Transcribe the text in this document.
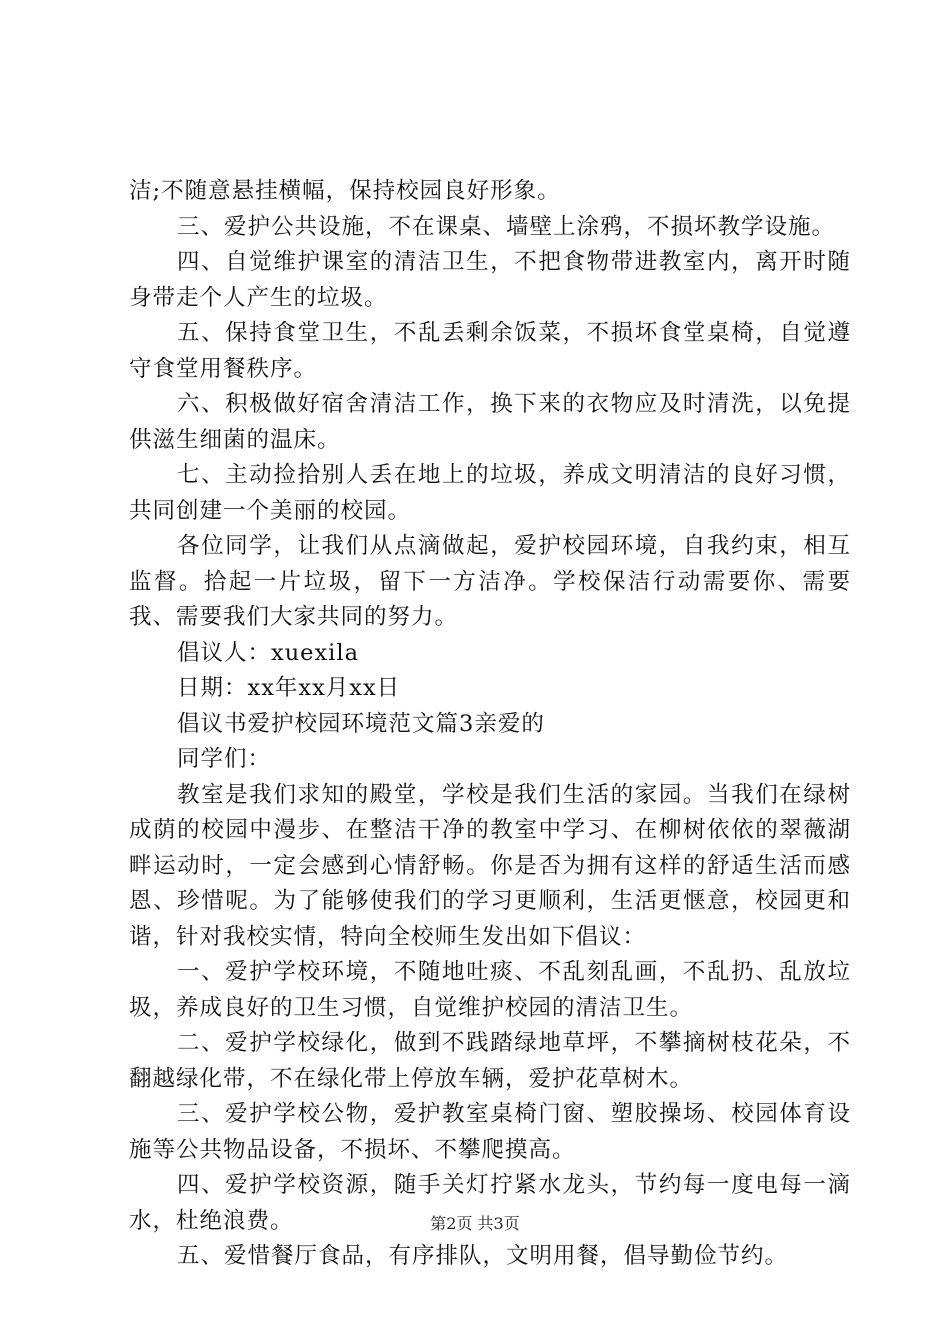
洁;不随意悬挂横幅，保持校园良好形象。

三、爱护公共设施，不在课桌、墙壁上涂鸦，不损坏教学设施。

四、自觉维护课室的清洁卫生，不把食物带进教室内，离开时随身带走个人产生的垃圾。

五、保持食堂卫生，不乱丢剩余饭菜，不损坏食堂桌椅，自觉遵守食堂用餐秩序。

六、积极做好宿舍清洁工作，换下来的衣物应及时清洗，以免提供滋生细菌的温床。

七、主动捡拾别人丢在地上的垃圾，养成文明清洁的良好习惯，共同创建一个美丽的校园。

各位同学，让我们从点滴做起，爱护校园环境，自我约束，相互监督。拾起一片垃圾，留下一方洁净。学校保洁行动需要你、需要我、需要我们大家共同的努力。

倡议人：xuexila

日期：xx年xx月xx日

倡议书爱护校园环境范文篇3亲爱的

同学们：

教室是我们求知的殿堂，学校是我们生活的家园。当我们在绿树成荫的校园中漫步、在整洁干净的教室中学习、在柳树依依的翠薇湖畔运动时，一定会感到心情舒畅。你是否为拥有这样的舒适生活而感恩、珍惜呢。为了能够使我们的学习更顺利，生活更惬意，校园更和谐，针对我校实情，特向全校师生发出如下倡议：

一、爱护学校环境，不随地吐痰、不乱刻乱画，不乱扔、乱放垃圾，养成良好的卫生习惯，自觉维护校园的清洁卫生。

二、爱护学校绿化，做到不践踏绿地草坪，不攀摘树枝花朵，不翻越绿化带，不在绿化带上停放车辆，爱护花草树木。

三、爱护学校公物，爱护教室桌椅门窗、塑胶操场、校园体育设施等公共物品设备，不损坏、不攀爬摸高。

四、爱护学校资源，随手关灯拧紧水龙头，节约每一度电每一滴水，杜绝浪费。

五、爱惜餐厅食品，有序排队，文明用餐，倡导勤俭节约。

第2页 共3页
